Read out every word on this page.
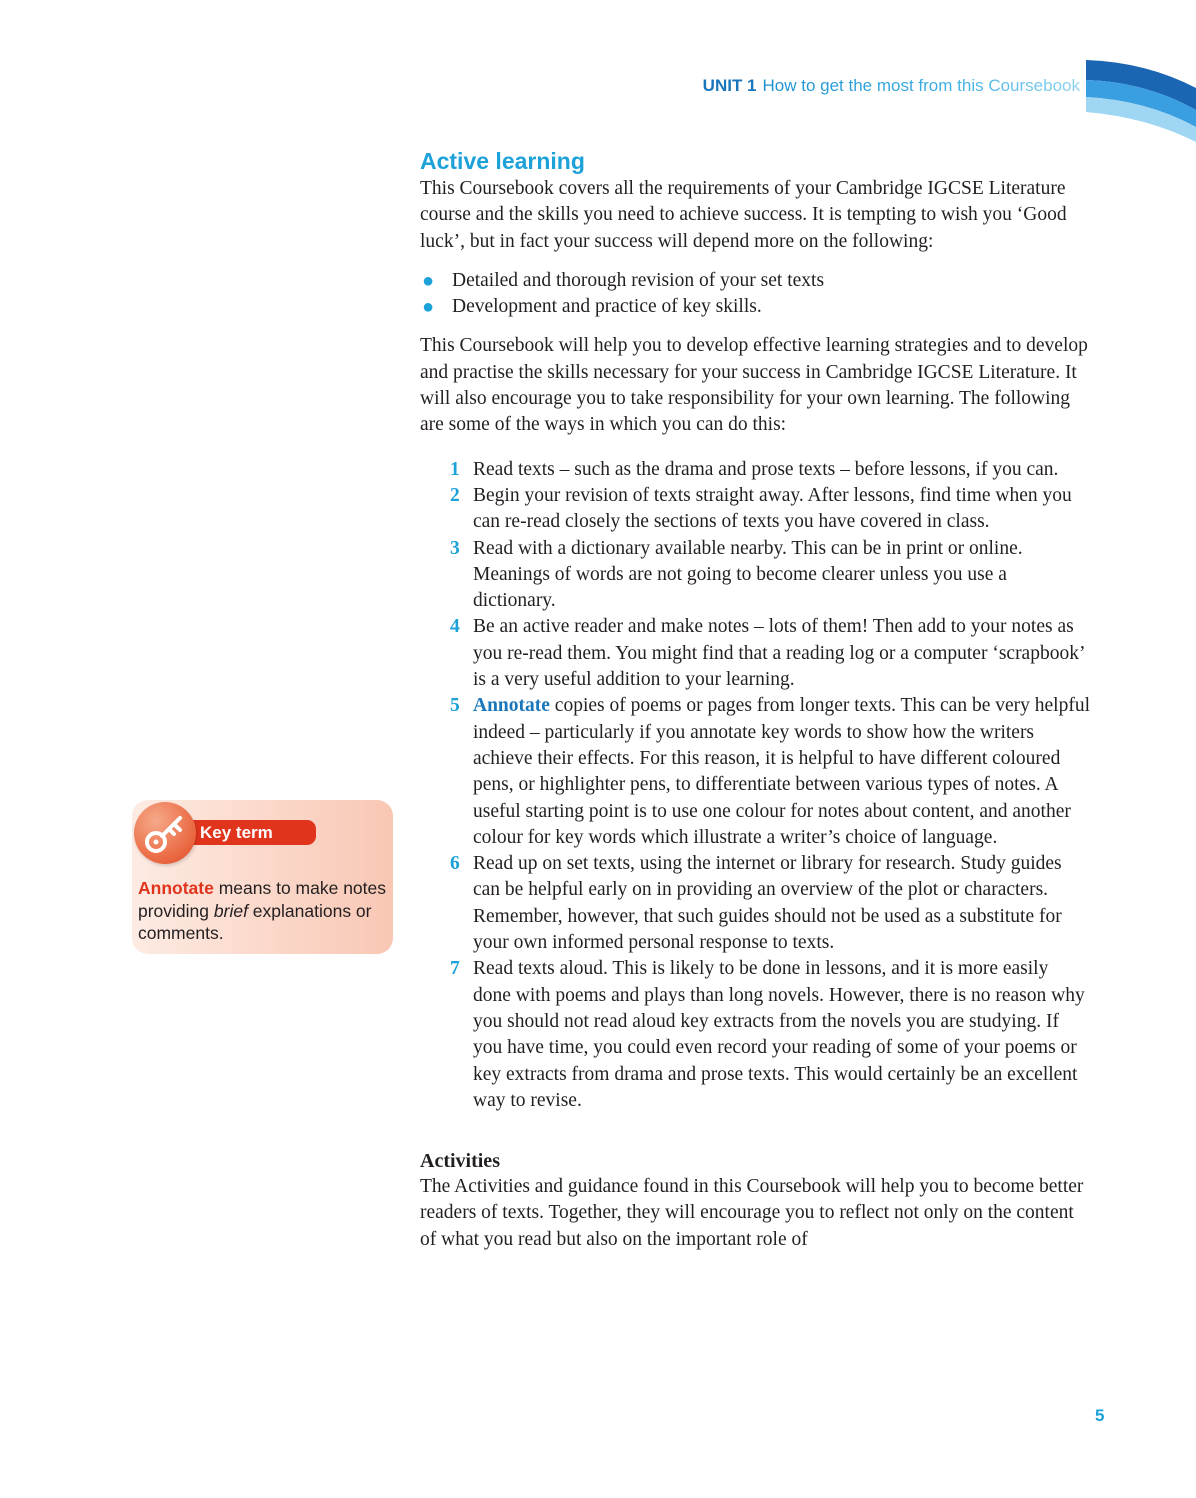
UNIT 1 How to get the most from this Coursebook
Active learning

This Coursebook covers all the requirements of your Cambridge IGCSE Literature course and the skills you need to achieve success. It is tempting to wish you ‘Good luck’, but in fact your success will depend more on the following:

● Detailed and thorough revision of your set texts
● Development and practice of key skills.

This Coursebook will help you to develop effective learning strategies and to develop and practise the skills necessary for your success in Cambridge IGCSE Literature. It will also encourage you to take responsibility for your own learning. The following are some of the ways in which you can do this:

1 Read texts – such as the drama and prose texts – before lessons, if you can.
2 Begin your revision of texts straight away. After lessons, find time when you can re-read closely the sections of texts you have covered in class.
3 Read with a dictionary available nearby. This can be in print or online. Meanings of words are not going to become clearer unless you use a dictionary.
4 Be an active reader and make notes – lots of them! Then add to your notes as you re-read them. You might find that a reading log or a computer ‘scrapbook’ is a very useful addition to your learning.
5 Annotate copies of poems or pages from longer texts. This can be very helpful indeed – particularly if you annotate key words to show how the writers achieve their effects. For this reason, it is helpful to have different coloured pens, or highlighter pens, to differentiate between various types of notes. A useful starting point is to use one colour for notes about content, and another colour for key words which illustrate a writer’s choice of language.
6 Read up on set texts, using the internet or library for research. Study guides can be helpful early on in providing an overview of the plot or characters. Remember, however, that such guides should not be used as a substitute for your own informed personal response to texts.
7 Read texts aloud. This is likely to be done in lessons, and it is more easily done with poems and plays than long novels. However, there is no reason why you should not read aloud key extracts from the novels you are studying. If you have time, you could even record your reading of some of your poems or key extracts from drama and prose texts. This would certainly be an excellent way to revise.
Activities

The Activities and guidance found in this Coursebook will help you to become better readers of texts. Together, they will encourage you to reflect not only on the content of what you read but also on the important role of

Key term

Annotate means to make notes providing brief explanations or comments.

5
